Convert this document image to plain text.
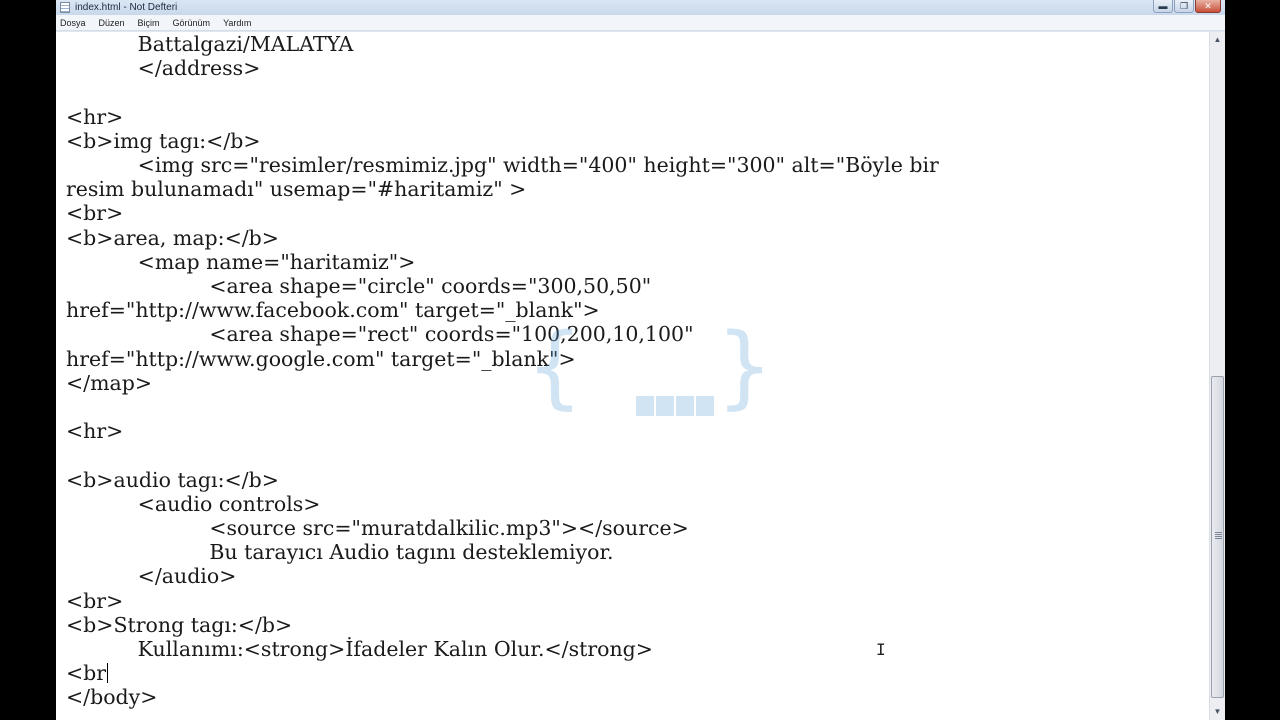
index.html - Not Defteri	▬	❐	✕
Dosya Düzen Biçim Görünüm Yardım
Battalgazi/MALATYA
</address>

<hr>
<b>img tagı:</b>
<img src="resimler/resmimiz.jpg" width="400" height="300" alt="Böyle bir
resim bulunamadı" usemap="#haritamiz" >
<br>
<b>area, map:</b>
<map name="haritamiz">
<area shape="circle" coords="300,50,50"
href="http://www.facebook.com" target="_blank">
<area shape="rect" coords="100,200,10,100"
href="http://www.google.com" target="_blank">
</map>

<hr>

<b>audio tagı:</b>
<audio controls>
<source src="muratdalkilic.mp3"></source>
Bu tarayıcı Audio tagını desteklemiyor.
</audio>
<br>
<b>Strong tagı:</b>
Kullanımı:<strong>İfadeler Kalın Olur.</strong>
<br
</body>

{ }
I
▲
▼
